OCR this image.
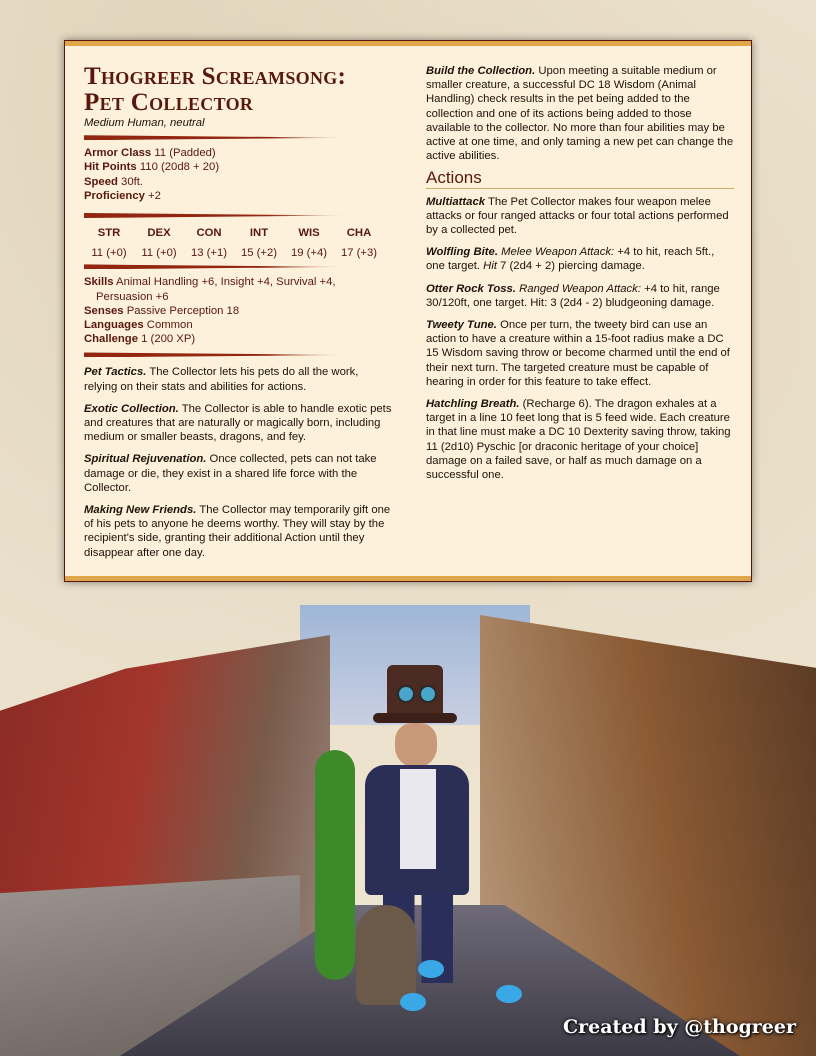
Created by @thogreer
Thogreer Screamsong: Pet Collector

Medium Human, neutral

Armor Class 11 (Padded)

Hit Points 110 (20d8 + 20)

Speed 30ft.

Proficiency +2

STR
11 (+0)
DEX
11 (+0)
CON
13 (+1)
INT
15 (+2)
WIS
19 (+4)
CHA
17 (+3)

Skills Animal Handling +6, Insight +4, Survival +4, Persuasion +6

Senses Passive Perception 18

Languages Common

Challenge 1 (200 XP)

Pet Tactics. The Collector lets his pets do all the work, relying on their stats and abilities for actions.

Exotic Collection. The Collector is able to handle exotic pets and creatures that are naturally or magically born, including medium or smaller beasts, dragons, and fey.

Spiritual Rejuvenation. Once collected, pets can not take damage or die, they exist in a shared life force with the Collector.

Making New Friends. The Collector may temporarily gift one of his pets to anyone he deems worthy. They will stay by the recipient's side, granting their additional Action until they disappear after one day.

Build the Collection. Upon meeting a suitable medium or smaller creature, a successful DC 18 Wisdom (Animal Handling) check results in the pet being added to the collection and one of its actions being added to those available to the collector. No more than four abilities may be active at one time, and only taming a new pet can change the active abilities.

Actions

Multiattack The Pet Collector makes four weapon melee attacks or four ranged attacks or four total actions performed by a collected pet.

Wolfling Bite. Melee Weapon Attack: +4 to hit, reach 5ft., one target. Hit 7 (2d4 + 2) piercing damage.

Otter Rock Toss. Ranged Weapon Attack: +4 to hit, range 30/120ft, one target. Hit: 3 (2d4 - 2) bludgeoning damage.

Tweety Tune. Once per turn, the tweety bird can use an action to have a creature within a 15-foot radius make a DC 15 Wisdom saving throw or become charmed until the end of their next turn. The targeted creature must be capable of hearing in order for this feature to take effect.

Hatchling Breath. (Recharge 6). The dragon exhales at a target in a line 10 feet long that is 5 feed wide. Each creature in that line must make a DC 10 Dexterity saving throw, taking 11 (2d10) Pyschic [or draconic heritage of your choice] damage on a failed save, or half as much damage on a successful one.
